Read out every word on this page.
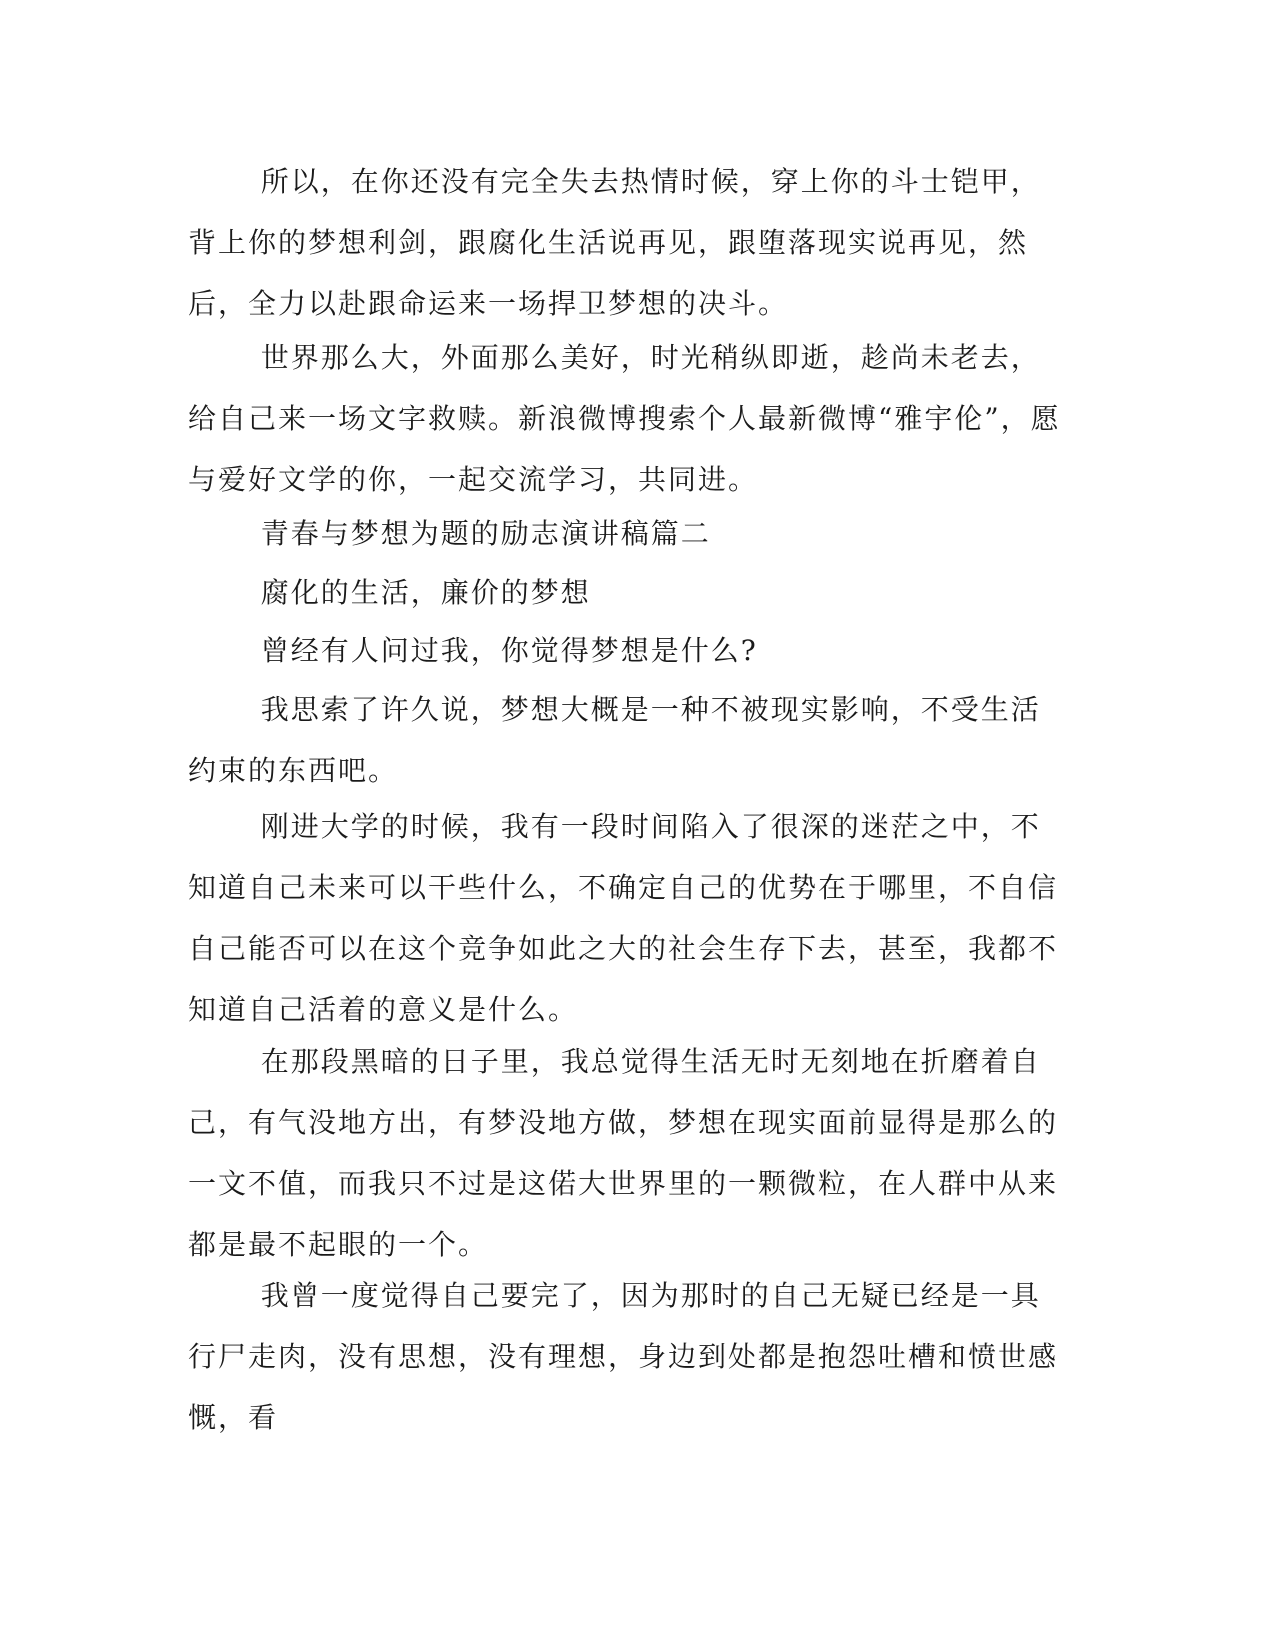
所以，在你还没有完全失去热情时候，穿上你的斗士铠甲，背上你的梦想利剑，跟腐化生活说再见，跟堕落现实说再见，然后，全力以赴跟命运来一场捍卫梦想的决斗。

世界那么大，外面那么美好，时光稍纵即逝，趁尚未老去，给自己来一场文字救赎。新浪微博搜索个人最新微博“雅宇伦”，愿与爱好文学的你，一起交流学习，共同进。

青春与梦想为题的励志演讲稿篇二

腐化的生活，廉价的梦想

曾经有人问过我，你觉得梦想是什么?

我思索了许久说，梦想大概是一种不被现实影响，不受生活约束的东西吧。

刚进大学的时候，我有一段时间陷入了很深的迷茫之中，不知道自己未来可以干些什么，不确定自己的优势在于哪里，不自信自己能否可以在这个竞争如此之大的社会生存下去，甚至，我都不知道自己活着的意义是什么。

在那段黑暗的日子里，我总觉得生活无时无刻地在折磨着自己，有气没地方出，有梦没地方做，梦想在现实面前显得是那么的一文不值，而我只不过是这偌大世界里的一颗微粒，在人群中从来都是最不起眼的一个。

我曾一度觉得自己要完了，因为那时的自己无疑已经是一具行尸走肉，没有思想，没有理想，身边到处都是抱怨吐槽和愤世感慨，看
